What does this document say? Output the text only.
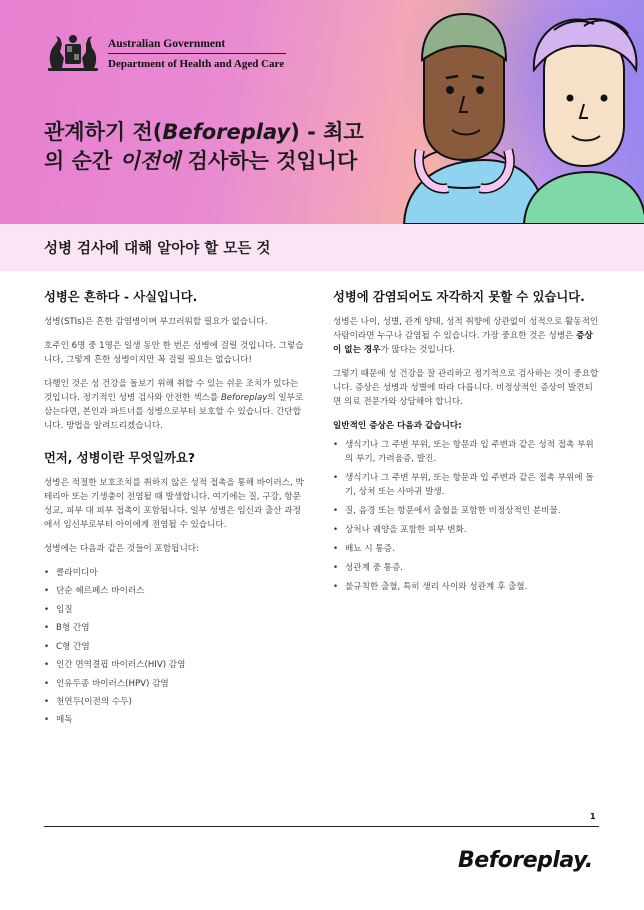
Australian Government
Department of Health and Aged Care
관계하기 전(Beforeplay) - 최고의 순간 이전에 검사하는 것입니다
성병 검사에 대해 알아야 할 모든 것
성병은 흔하다 - 사실입니다.

성병(STIs)은 흔한 감염병이며 부끄러워할 필요가 없습니다.

호주인 6명 중 1명은 일생 동안 한 번은 성병에 걸릴 것입니다. 그렇습니다, 그렇게 흔한 성병이지만 꼭 걸릴 필요는 없습니다!

다행인 것은 성 건강을 돌보기 위해 취할 수 있는 쉬운 조치가 있다는 것입니다. 정기적인 성병 검사와 안전한 섹스를 Beforeplay의 일부로 삼는다면, 본인과 파트너를 성병으로부터 보호할 수 있습니다. 간단합니다. 방법을 알려드리겠습니다.

먼저, 성병이란 무엇일까요?

성병은 적절한 보호조치를 취하지 않은 성적 접촉을 통해 바이러스, 박테리아 또는 기생충이 전염될 때 발생합니다. 여기에는 질, 구강, 항문 성교, 피부 대 피부 접촉이 포함됩니다. 일부 성병은 임신과 출산 과정에서 임신부로부터 아이에게 전염될 수 있습니다.

성병에는 다음과 같은 것들이 포함됩니다:

• 클라미디아
• 단순 헤르페스 바이러스
• 임질
• B형 간염
• C형 간염
• 인간 면역결핍 바이러스(HIV) 감염
• 인유두종 바이러스(HPV) 감염
• 천연두(이전의 수두)
• 매독
성병에 감염되어도 자각하지 못할 수 있습니다.

성병은 나이, 성별, 관계 양태, 성적 취향에 상관없이 성적으로 활동적인 사람이라면 누구나 감염될 수 있습니다. 가장 중요한 것은 성병은 증상이 없는 경우가 많다는 것입니다.

그렇기 때문에 성 건강을 잘 관리하고 정기적으로 검사하는 것이 중요합니다. 증상은 성병과 성별에 따라 다릅니다. 비정상적인 증상이 발견되면 의료 전문가와 상담해야 합니다.

일반적인 증상은 다음과 같습니다:

• 생식기나 그 주변 부위, 또는 항문과 입 주변과 같은 성적 접촉 부위의 부기, 가려움증, 발진.
• 생식기나 그 주변 부위, 또는 항문과 입 주변과 같은 접촉 부위에 돌기, 상처 또는 사마귀 발생.
• 질, 음경 또는 항문에서 출혈을 포함한 비정상적인 분비물.
• 상처나 궤양을 포함한 피부 변화.
• 배뇨 시 통증.
• 성관계 중 통증.
• 불규칙한 출혈, 특히 생리 사이와 성관계 후 출혈.
1
Beforeplay.
